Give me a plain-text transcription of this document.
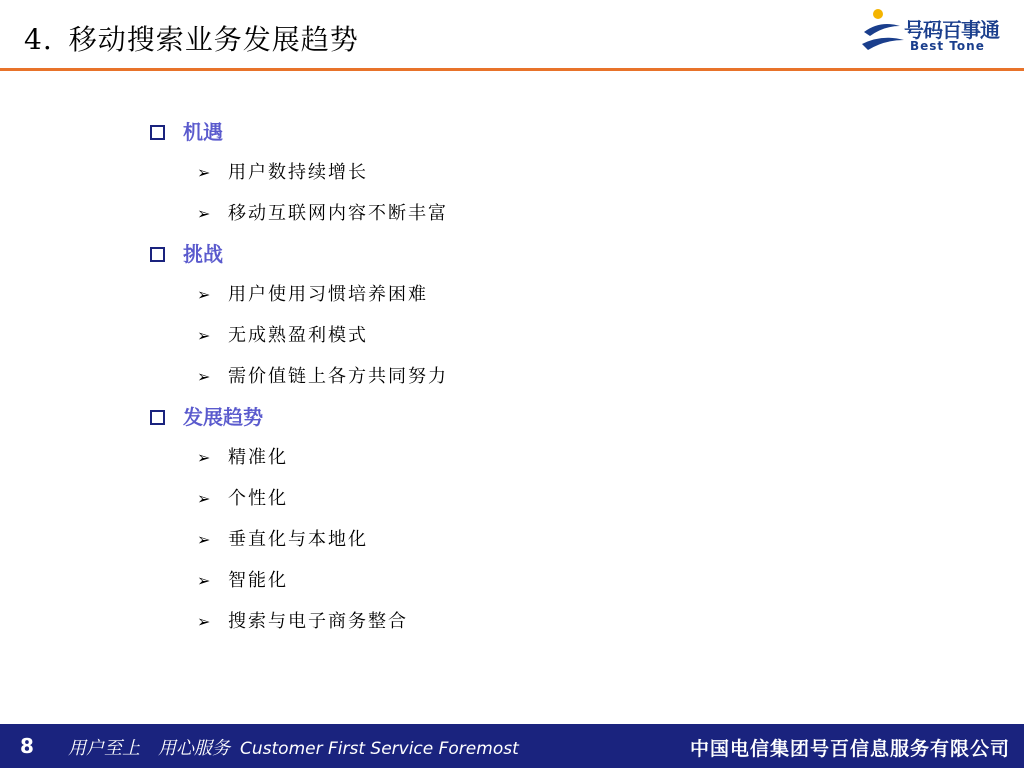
4. 移动搜索业务发展趋势	号码百事通
Best Tone
机遇
➢ 用户数持续增长
➢ 移动互联网内容不断丰富
挑战
➢ 用户使用习惯培养困难
➢ 无成熟盈利模式
➢ 需价值链上各方共同努力
发展趋势
➢ 精准化
➢ 个性化
➢ 垂直化与本地化
➢ 智能化
➢ 搜索与电子商务整合
8 用户至上　用心服务 Customer First Service Foremost	中国电信集团号百信息服务有限公司
